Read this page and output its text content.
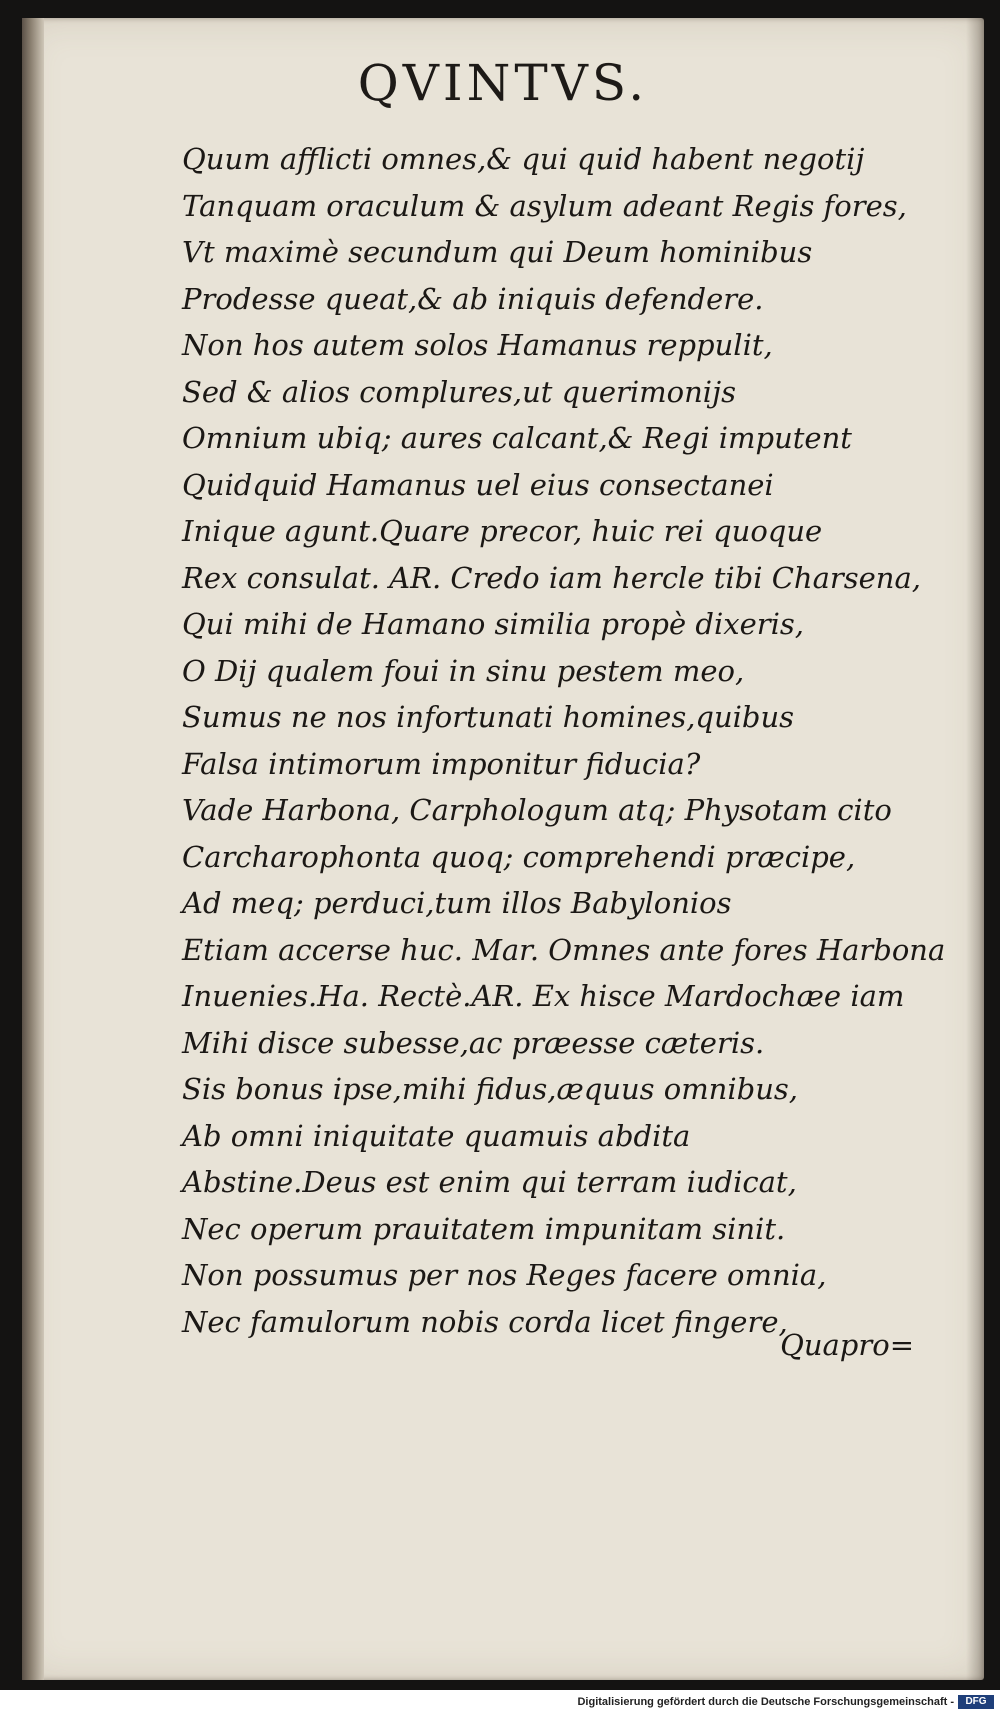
QVINTVS.
Quum afflicti omnes,& qui quid habent negotij
Tanquam oraculum & asylum adeant Regis fores,
Vt maximè secundum qui Deum hominibus
Prodesse queat,& ab iniquis defendere.
Non hos autem solos Hamanus reppulit,
Sed & alios complures,ut querimonijs
Omnium ubiq; aures calcant,& Regi imputent
Quidquid Hamanus uel eius consectanei
Inique agunt.Quare precor, huic rei quoque
Rex consulat. AR. Credo iam hercle tibi Charsena,
Qui mihi de Hamano similia propè dixeris,
O Dij qualem foui in sinu pestem meo,
Sumus ne nos infortunati homines,quibus
Falsa intimorum imponitur fiducia?
Vade Harbona, Carphologum atq; Physotam cito
Carcharophonta quoq; comprehendi præcipe,
Ad meq; perduci,tum illos Babylonios
Etiam accerse huc. Mar. Omnes ante fores Harbona
Inuenies.Ha. Rectè.AR. Ex hisce Mardochæe iam
Mihi disce subesse,ac præesse cæteris.
Sis bonus ipse,mihi fidus,æquus omnibus,
Ab omni iniquitate quamuis abdita
Abstine.Deus est enim qui terram iudicat,
Nec operum prauitatem impunitam sinit.
Non possumus per nos Reges facere omnia,
Nec famulorum nobis corda licet fingere,
Quapro=
Digitalisierung gefördert durch die Deutsche Forschungsgemeinschaft -	DFG
